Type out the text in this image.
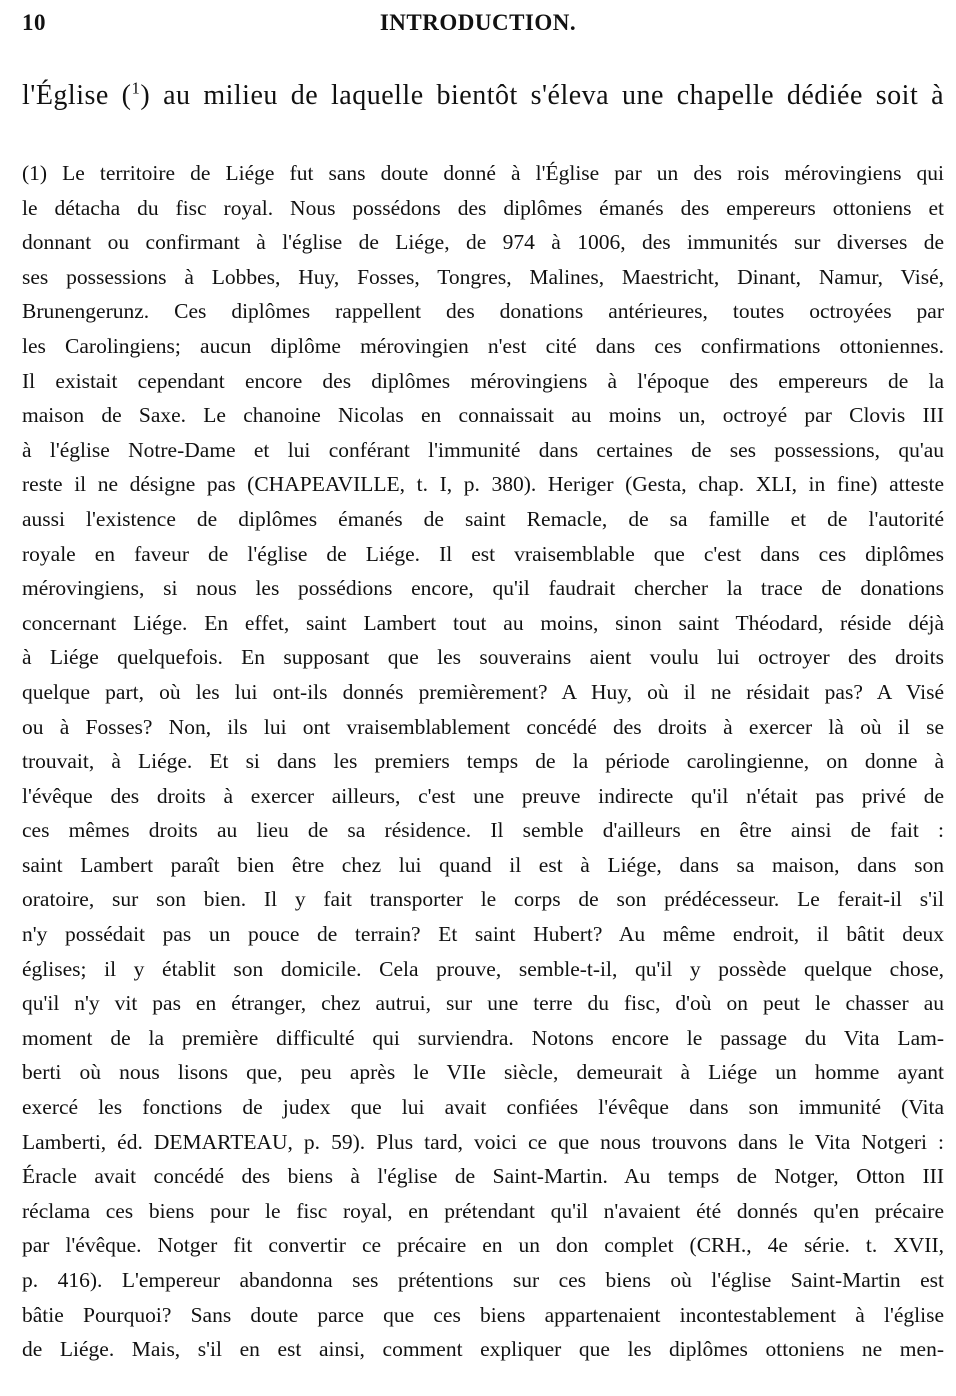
10	INTRODUCTION.
l'Église ($^1$) au milieu de laquelle bientôt s'éleva une chapelle dédiée soit à
(1) Le territoire de Liége fut sans doute donné à l'Église par un des rois mérovingiens qui
le détacha du fisc royal. Nous possédons des diplômes émanés des empereurs ottoniens et
donnant ou confirmant à l'église de Liége, de 974 à 1006, des immunités sur diverses de
ses possessions à Lobbes, Huy, Fosses, Tongres, Malines, Maestricht, Dinant, Namur, Visé,
Brunengerunz. Ces diplômes rappellent des donations antérieures, toutes octroyées par
les Carolingiens; aucun diplôme mérovingien n'est cité dans ces confirmations ottoniennes.
Il existait cependant encore des diplômes mérovingiens à l'époque des empereurs de la
maison de Saxe. Le chanoine Nicolas en connaissait au moins un, octroyé par Clovis III
à l'église Notre-Dame et lui conférant l'immunité dans certaines de ses possessions, qu'au
reste il ne désigne pas (CHAPEAVILLE, t. I, p. 380). Heriger (Gesta, chap. XLI, in fine) atteste
aussi l'existence de diplômes émanés de saint Remacle, de sa famille et de l'autorité
royale en faveur de l'église de Liége. Il est vraisemblable que c'est dans ces diplômes
mérovingiens, si nous les possédions encore, qu'il faudrait chercher la trace de donations
concernant Liége. En effet, saint Lambert tout au moins, sinon saint Théodard, réside déjà
à Liége quelquefois. En supposant que les souverains aient voulu lui octroyer des droits
quelque part, où les lui ont-ils donnés premièrement? A Huy, où il ne résidait pas? A Visé
ou à Fosses? Non, ils lui ont vraisemblablement concédé des droits à exercer là où il se
trouvait, à Liége. Et si dans les premiers temps de la période carolingienne, on donne à
l'évêque des droits à exercer ailleurs, c'est une preuve indirecte qu'il n'était pas privé de
ces mêmes droits au lieu de sa résidence. Il semble d'ailleurs en être ainsi de fait :
saint Lambert paraît bien être chez lui quand il est à Liége, dans sa maison, dans son
oratoire, sur son bien. Il y fait transporter le corps de son prédécesseur. Le ferait-il s'il
n'y possédait pas un pouce de terrain? Et saint Hubert? Au même endroit, il bâtit deux
églises; il y établit son domicile. Cela prouve, semble-t-il, qu'il y possède quelque chose,
qu'il n'y vit pas en étranger, chez autrui, sur une terre du fisc, d'où on peut le chasser au
moment de la première difficulté qui surviendra. Notons encore le passage du Vita Lam-
berti où nous lisons que, peu après le VIIe siècle, demeurait à Liége un homme ayant
exercé les fonctions de judex que lui avait confiées l'évêque dans son immunité (Vita
Lamberti, éd. DEMARTEAU, p. 59). Plus tard, voici ce que nous trouvons dans le Vita Notgeri :
Éracle avait concédé des biens à l'église de Saint-Martin. Au temps de Notger, Otton III
réclama ces biens pour le fisc royal, en prétendant qu'il n'avaient été donnés qu'en précaire
par l'évêque. Notger fit convertir ce précaire en un don complet (CRH., 4e série. t. XVII,
p. 416). L'empereur abandonna ses prétentions sur ces biens où l'église Saint-Martin est
bâtie Pourquoi? Sans doute parce que ces biens appartenaient incontestablement à l'église
de Liége. Mais, s'il en est ainsi, comment expliquer que les diplômes ottoniens ne men-
